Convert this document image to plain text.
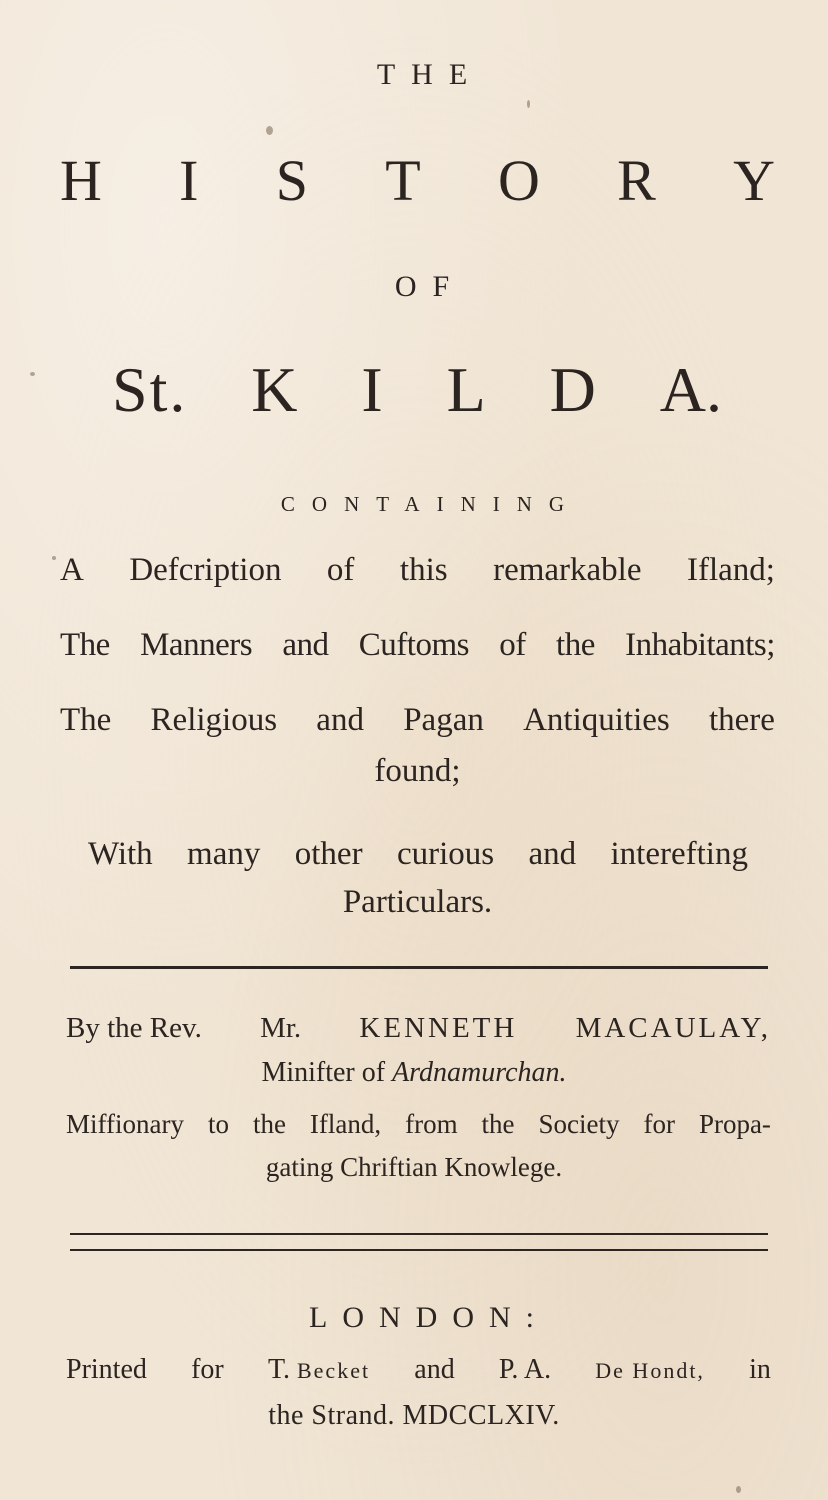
THE
H I S T O R Y
OF
St. K I L D A.
CONTAINING
A Defcription of this remarkable Ifland;
The Manners and Cuftoms of the Inhabitants;
The Religious and Pagan Antiquities there
found;
With many other curious and interefting
Particulars.
By the Rev. Mr. KENNETH MACAULAY,
Minifter of Ardnamurchan.
Miffionary to the Ifland, from the Society for Propa-
gating Chriftian Knowlege.
LONDON:
Printed for T. Becket and P. A. De Hondt, in
the Strand. MDCCLXIV.
